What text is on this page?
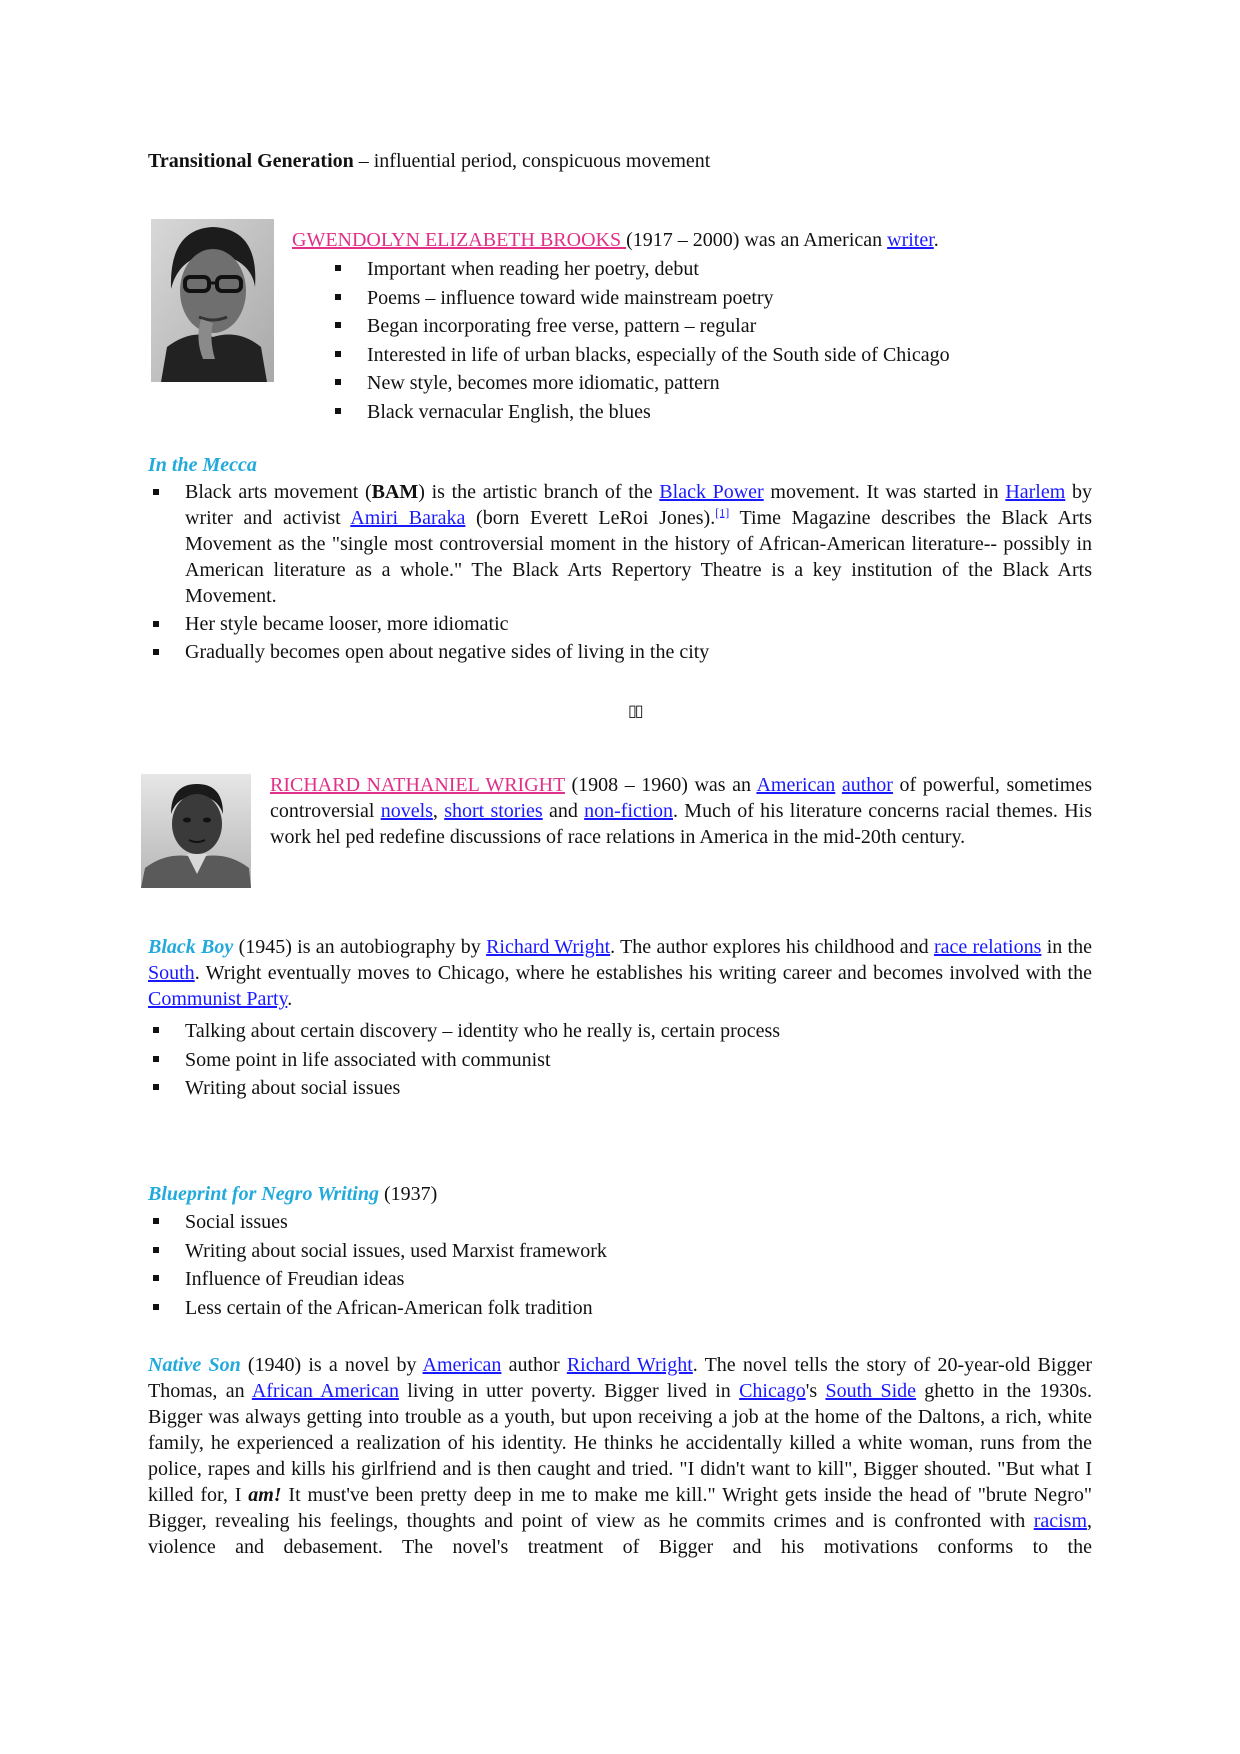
Transitional Generation – influential period, conspicuous movement
GWENDOLYN ELIZABETH BROOKS (1917 – 2000) was an American writer.
Important when reading her poetry, debut
Poems – influence toward wide mainstream poetry
Began incorporating free verse, pattern – regular
Interested in life of urban blacks, especially of the South side of Chicago
New style, becomes more idiomatic, pattern
Black vernacular English, the blues
In the Mecca
Black arts movement (BAM) is the artistic branch of the Black Power movement. It was started in Harlem by writer and activist Amiri Baraka (born Everett LeRoi Jones).[1] Time Magazine describes the Black Arts Movement as the "single most controversial moment in the history of African-American literature-- possibly in American literature as a whole." The Black Arts Repertory Theatre is a key institution of the Black Arts Movement.
Her style became looser, more idiomatic
Gradually becomes open about negative sides of living in the city
▯▯
RICHARD NATHANIEL WRIGHT (1908 – 1960) was an American author of powerful, sometimes controversial novels, short stories and non-fiction. Much of his literature concerns racial themes. His work hel ped redefine discussions of race relations in America in the mid-20th century.
Black Boy (1945) is an autobiography by Richard Wright. The author explores his childhood and race relations in the South. Wright eventually moves to Chicago, where he establishes his writing career and becomes involved with the Communist Party.
Talking about certain discovery – identity who he really is, certain process
Some point in life associated with communist
Writing about social issues
Blueprint for Negro Writing (1937)
Social issues
Writing about social issues, used Marxist framework
Influence of Freudian ideas
Less certain of the African-American folk tradition
Native Son (1940) is a novel by American author Richard Wright. The novel tells the story of 20-year-old Bigger Thomas, an African American living in utter poverty. Bigger lived in Chicago's South Side ghetto in the 1930s. Bigger was always getting into trouble as a youth, but upon receiving a job at the home of the Daltons, a rich, white family, he experienced a realization of his identity. He thinks he accidentally killed a white woman, runs from the police, rapes and kills his girlfriend and is then caught and tried. "I didn't want to kill", Bigger shouted. "But what I killed for, I am! It must've been pretty deep in me to make me kill." Wright gets inside the head of "brute Negro" Bigger, revealing his feelings, thoughts and point of view as he commits crimes and is confronted with racism, violence and debasement. The novel's treatment of Bigger and his motivations conforms to the
